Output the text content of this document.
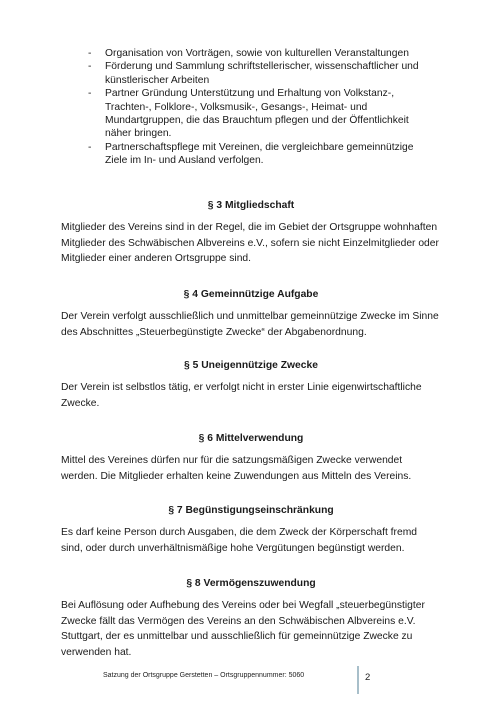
- Organisation von Vorträgen, sowie von kulturellen Veranstaltungen
- Förderung und Sammlung schriftstellerischer, wissenschaftlicher und künstlerischer Arbeiten
- Partner Gründung Unterstützung und Erhaltung von Volkstanz-, Trachten-, Folklore-, Volksmusik-, Gesangs-, Heimat- und Mundartgruppen, die das Brauchtum pflegen und der Öffentlichkeit näher bringen.
- Partnerschaftspflege mit Vereinen, die vergleichbare gemeinnützige Ziele im In- und Ausland verfolgen.
§ 3 Mitgliedschaft

Mitglieder des Vereins sind in der Regel, die im Gebiet der Ortsgruppe wohnhaften Mitglieder des Schwäbischen Albvereins e.V., sofern sie nicht Einzelmitglieder oder Mitglieder einer anderen Ortsgruppe sind.

§ 4 Gemeinnützige Aufgabe

Der Verein verfolgt ausschließlich und unmittelbar gemeinnützige Zwecke im Sinne des Abschnittes „Steuerbegünstigte Zwecke“ der Abgabenordnung.

§ 5 Uneigennützige Zwecke

Der Verein ist selbstlos tätig, er verfolgt nicht in erster Linie eigenwirtschaftliche Zwecke.

§ 6 Mittelverwendung

Mittel des Vereines dürfen nur für die satzungsmäßigen Zwecke verwendet werden. Die Mitglieder erhalten keine Zuwendungen aus Mitteln des Vereins.

§ 7 Begünstigungseinschränkung

Es darf keine Person durch Ausgaben, die dem Zweck der Körperschaft fremd sind, oder durch unverhältnismäßige hohe Vergütungen begünstigt werden.

§ 8 Vermögenszuwendung

Bei Auflösung oder Aufhebung des Vereins oder bei Wegfall „steuerbegünstigter Zwecke fällt das Vermögen des Vereins an den Schwäbischen Albvereins e.V. Stuttgart, der es unmittelbar und ausschließlich für gemeinnützige Zwecke zu verwenden hat.

Satzung der Ortsgruppe Gerstetten – Ortsgruppennummer: 5060	2
